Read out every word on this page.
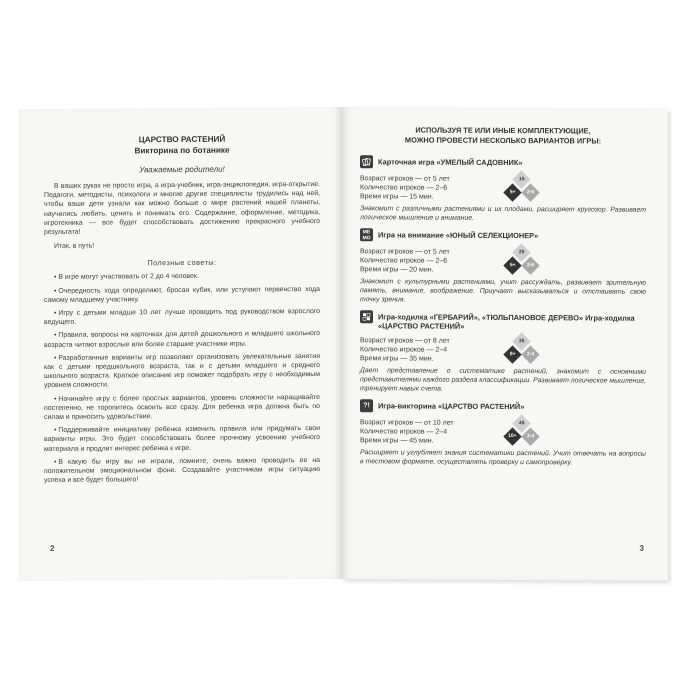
ЦАРСТВО РАСТЕНИЙ
Викторина по ботанике
Уважаемые родители!

В ваших руках не просто игра, а игра-учебник, игра-энциклопедия, игра-открытие. Педагоги, методисты, психологи и многие другие специалисты трудились над ней, чтобы ваши дети узнали как можно больше о мире растений нашей планеты, научились любить, ценить и понимать его. Содержание, оформление, методика, игротехника — все будет способствовать достижению прекрасного учебного результата!

Итак, в путь!

Полезные советы:

• В игре могут участвовать от 2 до 4 человек.

• Очередность хода определяют, бросая кубик, или уступают первенство хода самому младшему участнику.

• Игру с детьми младше 10 лет лучше проводить под руководством взрослого ведущего.

• Правила, вопросы на карточках для детей дошкольного и младшего школьного возраста читают взрослые или более старшие участники игры.

• Разработанные варианты игр позволяют организовать увлекательные занятия как с детьми предшкольного возраста, так и с детьми младшего и среднего школьного возраста. Краткое описание игр поможет подобрать игру с необходимым уровнем сложности.

• Начинайте игру с более простых вариантов, уровень сложности наращивайте постепенно, не торопитесь освоить все сразу. Для ребенка игра должна быть по силам и приносить удовольствие.

• Поддерживайте инициативу ребенка изменить правила или придумать свои варианты игры. Это будет способствовать более прочному усвоению учебного материала и продлит интерес ребенка к игре.

• В какую бы игру вы не играли, помните, очень важно проводить ее на положительном эмоциональном фоне. Создавайте участникам игры ситуацию успеха и все будет большего!

2
ИСПОЛЬЗУЯ ТЕ ИЛИ ИНЫЕ КОМПЛЕКТУЮЩИЕ,
МОЖНО ПРОВЕСТИ НЕСКОЛЬКО ВАРИАНТОВ ИГРЫ:
Карточная игра «УМЕЛЫЙ САДОВНИК»
Возраст игроков — от 5 лет
Количество игроков — 2–6
Время игры — 15 мин.
15
5+ 2-6
Знакомит с различными растениями и их плодами, расширяет кругозор. Развивает логическое мышление и внимание.
МЕ МО	Игра на внимание «ЮНЫЙ СЕЛЕКЦИОНЕР»
Возраст игроков — от 5 лет
Количество игроков — 2–6
Время игры — 20 мин.
20
5+ 2-6
Знакомит с культурными растениями, учит рассуждать, развивает зрительную память, внимание, воображение. Приучает высказываться и отстаивать свою точку зрения.
Игра-ходилка «ГЕРБАРИЙ», «ТЮЛЬПАНОВОЕ ДЕРЕВО» Игра-ходилка «ЦАРСТВО РАСТЕНИЙ»
Возраст игроков — от 8 лет
Количество игроков — 2–4
Время игры — 35 мин.
35
8+ 2-4
Дает представление о систематике растений, знакомит с основными представителями каждого раздела классификации. Развивает логическое мышление, тренирует навык счета.
?!	Игра-викторина «ЦАРСТВО РАСТЕНИЙ»
Возраст игроков — от 10 лет
Количество игроков — 2–4
Время игры — 45 мин.
45
10+ 2-4
Расширяет и углубляет знания систематики растений. Учит отвечать на вопросы в тестовом формате, осуществлять проверку и самопроверку.
3
